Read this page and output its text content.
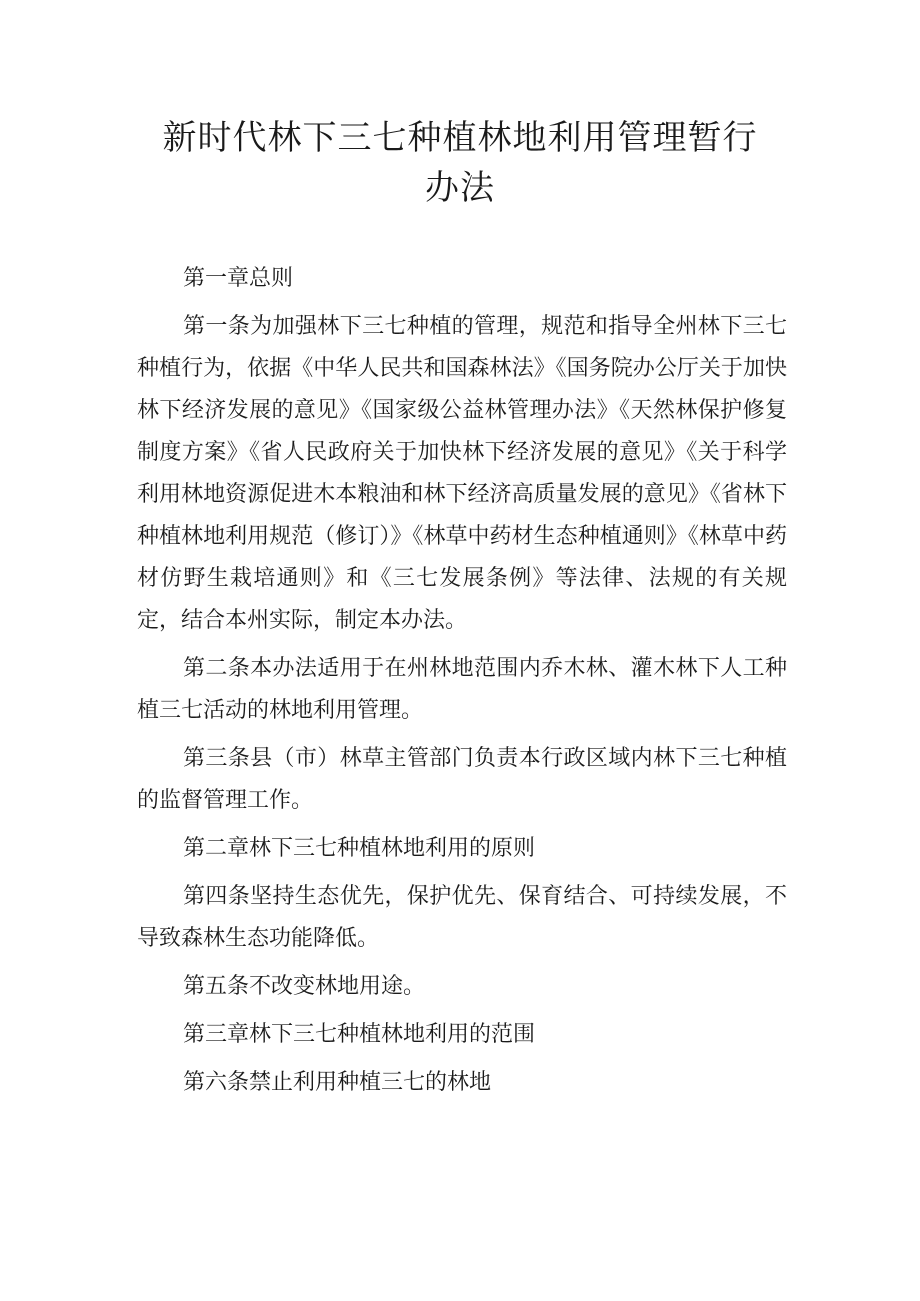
新时代林下三七种植林地利用管理暂行办法

第一章总则

第一条为加强林下三七种植的管理，规范和指导全州林下三七种植行为，依据《中华人民共和国森林法》《国务院办公厅关于加快林下经济发展的意见》《国家级公益林管理办法》《天然林保护修复制度方案》《省人民政府关于加快林下经济发展的意见》《关于科学利用林地资源促进木本粮油和林下经济高质量发展的意见》《省林下种植林地利用规范（修订）》《林草中药材生态种植通则》《林草中药材仿野生栽培通则》和《三七发展条例》等法律、法规的有关规定，结合本州实际，制定本办法。

第二条本办法适用于在州林地范围内乔木林、灌木林下人工种植三七活动的林地利用管理。

第三条县（市）林草主管部门负责本行政区域内林下三七种植的监督管理工作。

第二章林下三七种植林地利用的原则

第四条坚持生态优先，保护优先、保育结合、可持续发展，不导致森林生态功能降低。

第五条不改变林地用途。

第三章林下三七种植林地利用的范围

第六条禁止利用种植三七的林地
